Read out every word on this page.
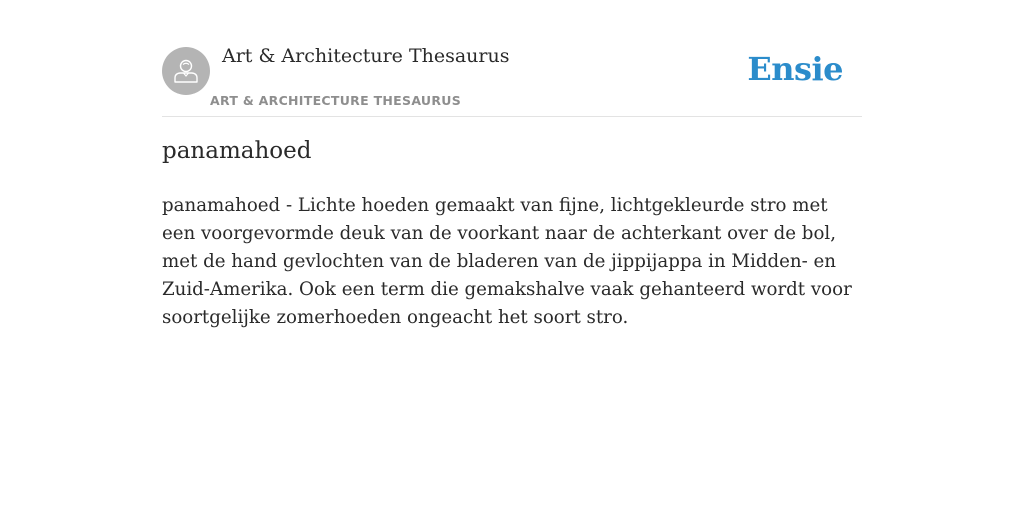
Art & Architecture Thesaurus
ART & ARCHITECTURE THESAURUS
Ensie
panamahoed

panamahoed - Lichte hoeden gemaakt van fijne, lichtgekleurde stro met een voorgevormde deuk van de voorkant naar de achterkant over de bol, met de hand gevlochten van de bladeren van de jippijappa in Midden- en Zuid-Amerika. Ook een term die gemakshalve vaak gehanteerd wordt voor soortgelijke zomerhoeden ongeacht het soort stro.
